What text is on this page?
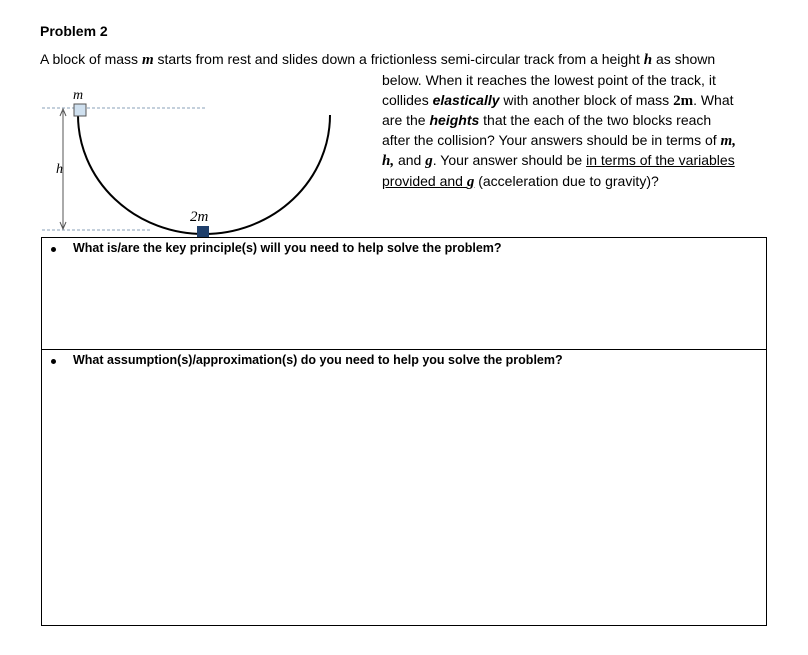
Problem 2
A block of mass m starts from rest and slides down a frictionless semi-circular track from a height h as shown
below. When it reaches the lowest point of the track, it
collides elastically with another block of mass 2m. What
are the heights that the each of the two blocks reach
after the collision? Your answers should be in terms of m,
h, and g. Your answer should be in terms of the variables
provided and g (acceleration due to gravity)?
m
h
2m
What is/are the key principle(s) will you need to help solve the problem?
What assumption(s)/approximation(s) do you need to help you solve the problem?
